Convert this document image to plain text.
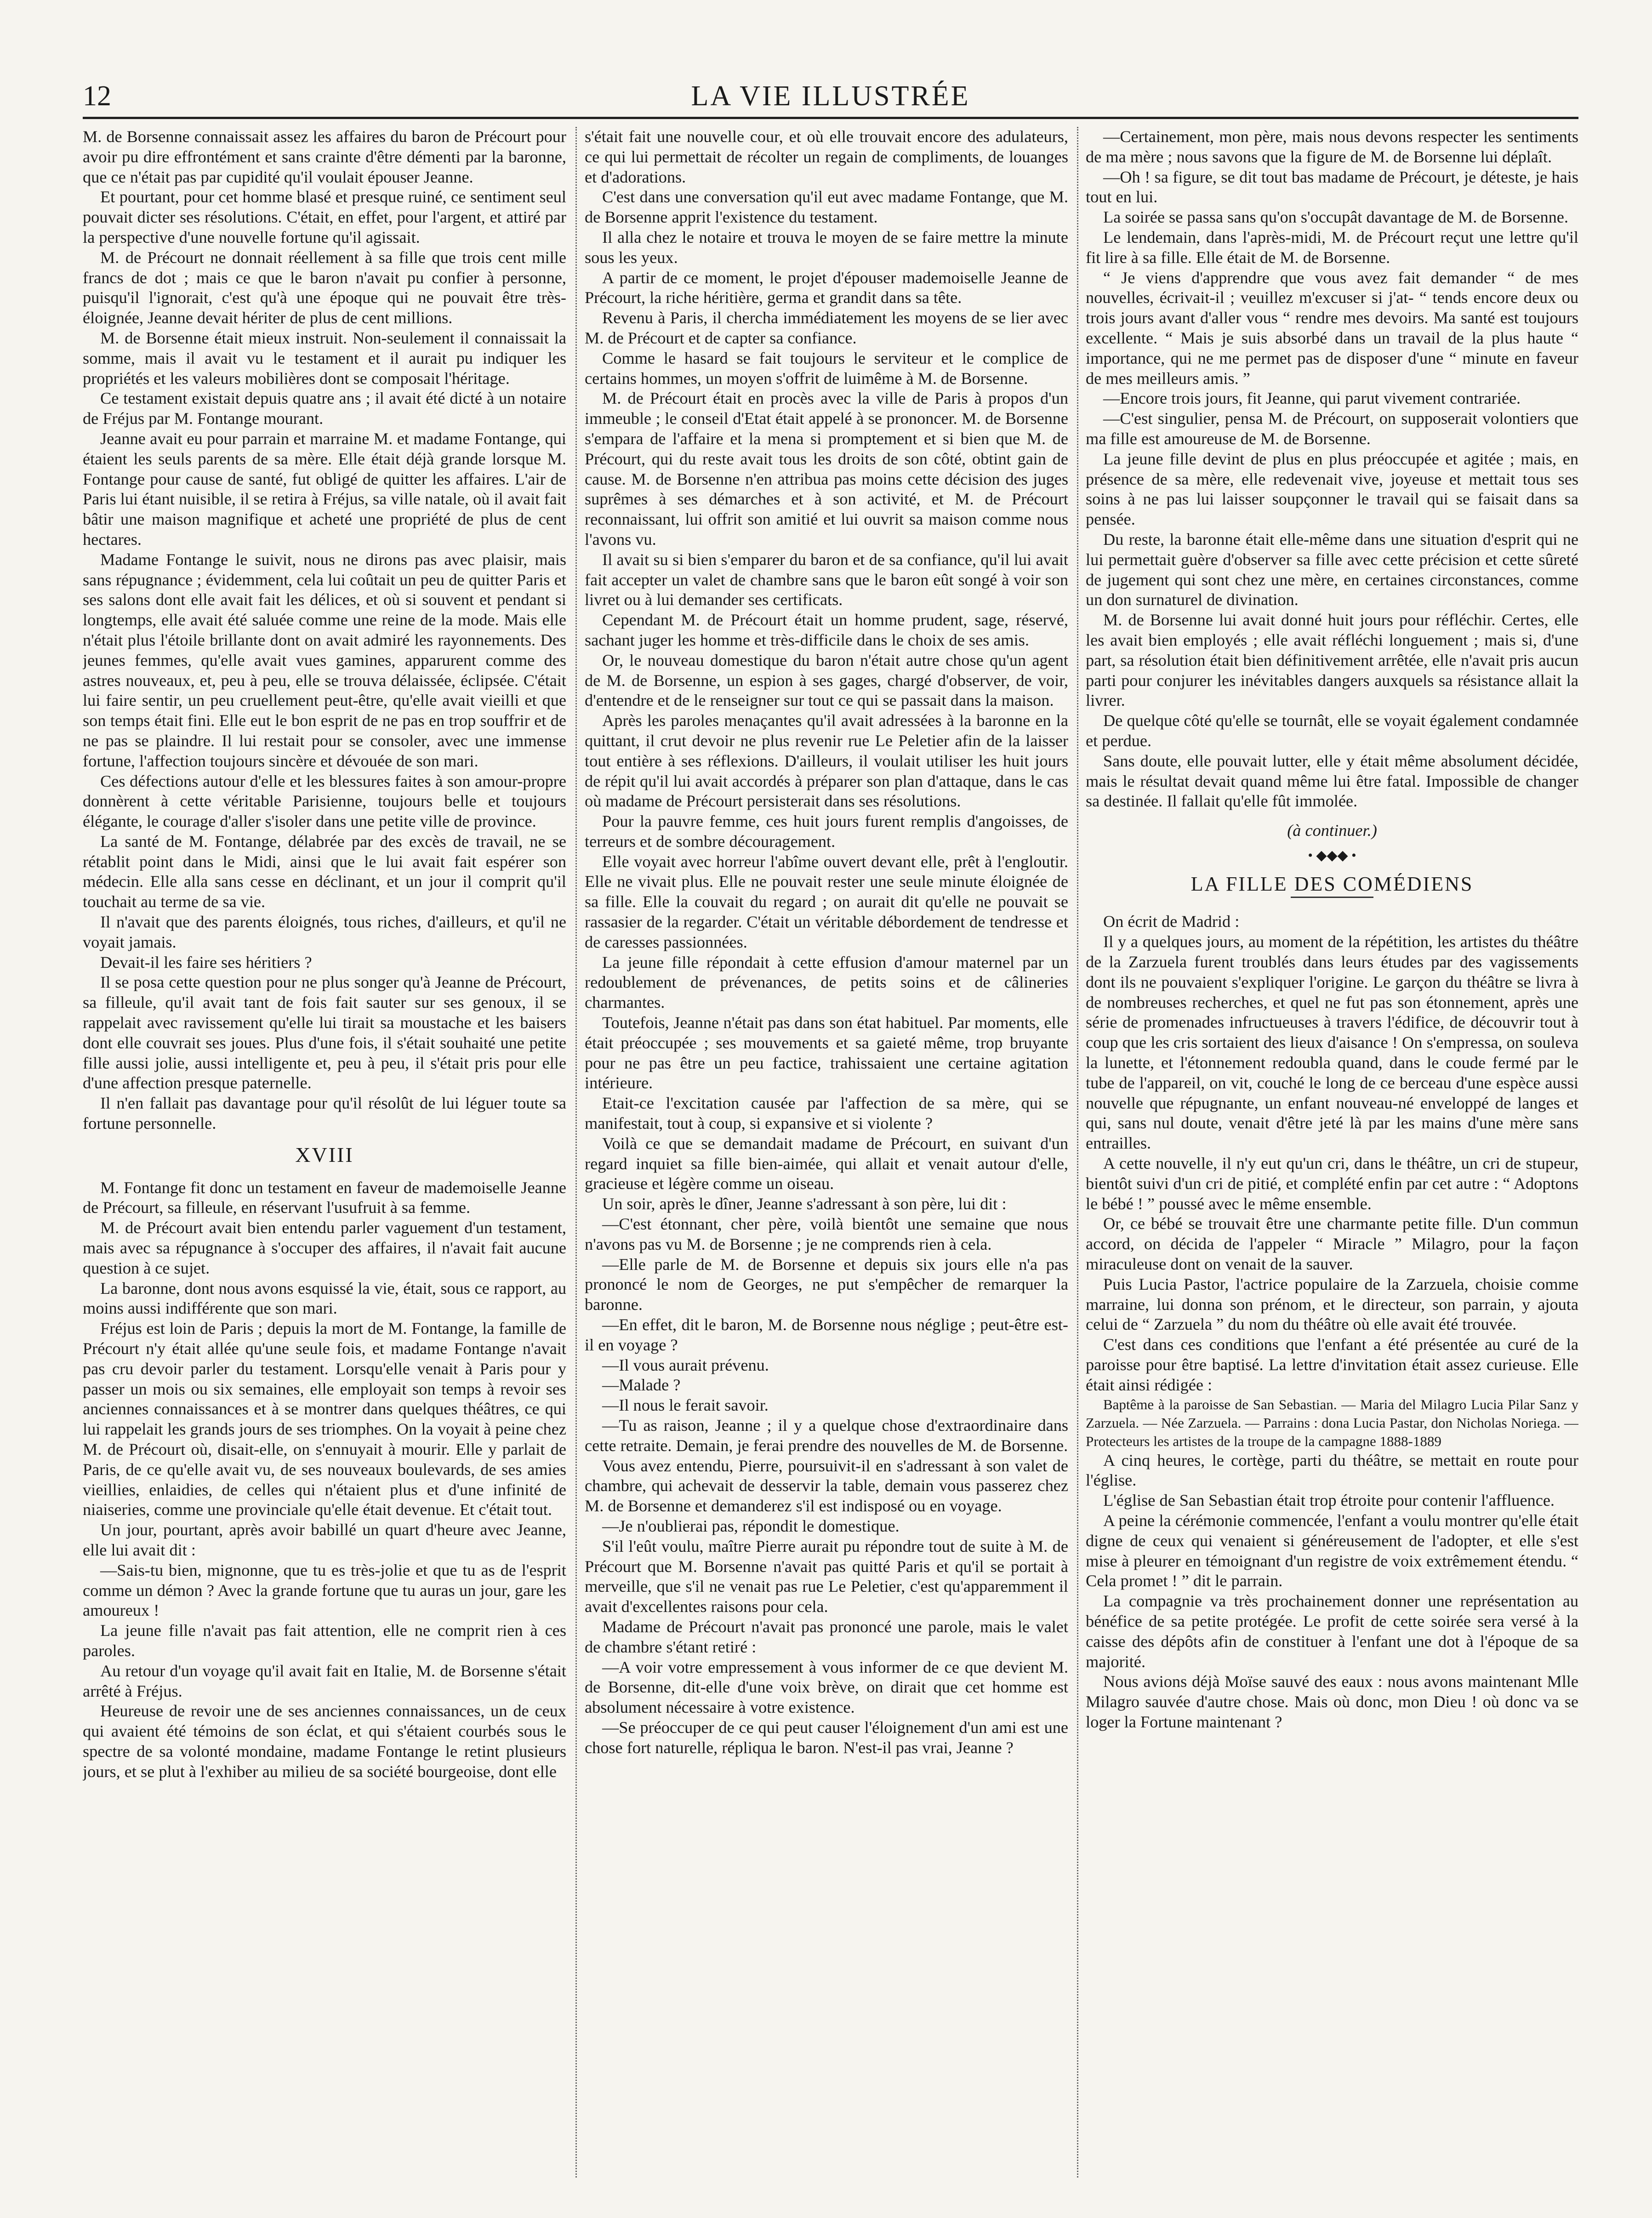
12	LA VIE ILLUSTRÉE

M. de Borsenne connaissait assez les affaires du baron de Précourt pour avoir pu dire effrontément et sans crainte d'être démenti par la baronne, que ce n'était pas par cupidité qu'il voulait épouser Jeanne.

Et pourtant, pour cet homme blasé et presque ruiné, ce sentiment seul pouvait dicter ses résolutions. C'était, en effet, pour l'argent, et attiré par la perspective d'une nouvelle fortune qu'il agissait.

M. de Précourt ne donnait réellement à sa fille que trois cent mille francs de dot ; mais ce que le baron n'avait pu confier à personne, puisqu'il l'ignorait, c'est qu'à une époque qui ne pouvait être très-éloignée, Jeanne devait hériter de plus de cent millions.

M. de Borsenne était mieux instruit. Non-seulement il connaissait la somme, mais il avait vu le testament et il aurait pu indiquer les propriétés et les valeurs mobilières dont se composait l'héritage.

Ce testament existait depuis quatre ans ; il avait été dicté à un notaire de Fréjus par M. Fontange mourant.

Jeanne avait eu pour parrain et marraine M. et madame Fontange, qui étaient les seuls parents de sa mère. Elle était déjà grande lorsque M. Fontange pour cause de santé, fut obligé de quitter les affaires. L'air de Paris lui étant nuisible, il se retira à Fréjus, sa ville natale, où il avait fait bâtir une maison magnifique et acheté une propriété de plus de cent hectares.

Madame Fontange le suivit, nous ne dirons pas avec plaisir, mais sans répugnance ; évidemment, cela lui coûtait un peu de quitter Paris et ses salons dont elle avait fait les délices, et où si souvent et pendant si longtemps, elle avait été saluée comme une reine de la mode. Mais elle n'était plus l'étoile brillante dont on avait admiré les rayonnements. Des jeunes femmes, qu'elle avait vues gamines, apparurent comme des astres nouveaux, et, peu à peu, elle se trouva délaissée, éclipsée. C'était lui faire sentir, un peu cruellement peut-être, qu'elle avait vieilli et que son temps était fini. Elle eut le bon esprit de ne pas en trop souffrir et de ne pas se plaindre. Il lui restait pour se consoler, avec une immense fortune, l'affection toujours sincère et dévouée de son mari.

Ces défections autour d'elle et les blessures faites à son amour-propre donnèrent à cette véritable Parisienne, toujours belle et toujours élégante, le courage d'aller s'isoler dans une petite ville de province.

La santé de M. Fontange, délabrée par des excès de travail, ne se rétablit point dans le Midi, ainsi que le lui avait fait espérer son médecin. Elle alla sans cesse en déclinant, et un jour il comprit qu'il touchait au terme de sa vie.

Il n'avait que des parents éloignés, tous riches, d'ailleurs, et qu'il ne voyait jamais.

Devait-il les faire ses héritiers ?

Il se posa cette question pour ne plus songer qu'à Jeanne de Précourt, sa filleule, qu'il avait tant de fois fait sauter sur ses genoux, il se rappelait avec ravissement qu'elle lui tirait sa moustache et les baisers dont elle couvrait ses joues. Plus d'une fois, il s'était souhaité une petite fille aussi jolie, aussi intelligente et, peu à peu, il s'était pris pour elle d'une affection presque paternelle.

Il n'en fallait pas davantage pour qu'il résolût de lui léguer toute sa fortune personnelle.

XVIII

M. Fontange fit donc un testament en faveur de mademoiselle Jeanne de Précourt, sa filleule, en réservant l'usufruit à sa femme.

M. de Précourt avait bien entendu parler vaguement d'un testament, mais avec sa répugnance à s'occuper des affaires, il n'avait fait aucune question à ce sujet.

La baronne, dont nous avons esquissé la vie, était, sous ce rapport, au moins aussi indifférente que son mari.

Fréjus est loin de Paris ; depuis la mort de M. Fontange, la famille de Précourt n'y était allée qu'une seule fois, et madame Fontange n'avait pas cru devoir parler du testament. Lorsqu'elle venait à Paris pour y passer un mois ou six semaines, elle employait son temps à revoir ses anciennes connaissances et à se montrer dans quelques théâtres, ce qui lui rappelait les grands jours de ses triomphes. On la voyait à peine chez M. de Précourt où, disait-elle, on s'ennuyait à mourir. Elle y parlait de Paris, de ce qu'elle avait vu, de ses nouveaux boulevards, de ses amies vieillies, enlaidies, de celles qui n'étaient plus et d'une infinité de niaiseries, comme une provinciale qu'elle était devenue. Et c'était tout.

Un jour, pourtant, après avoir babillé un quart d'heure avec Jeanne, elle lui avait dit :

—Sais-tu bien, mignonne, que tu es très-jolie et que tu as de l'esprit comme un démon ? Avec la grande fortune que tu auras un jour, gare les amoureux !

La jeune fille n'avait pas fait attention, elle ne comprit rien à ces paroles.

Au retour d'un voyage qu'il avait fait en Italie, M. de Borsenne s'était arrêté à Fréjus.

Heureuse de revoir une de ses anciennes connaissances, un de ceux qui avaient été témoins de son éclat, et qui s'étaient courbés sous le spectre de sa volonté mondaine, madame Fontange le retint plusieurs jours, et se plut à l'exhiber au milieu de sa société bourgeoise, dont elle

s'était fait une nouvelle cour, et où elle trouvait encore des adulateurs, ce qui lui permettait de récolter un regain de compliments, de louanges et d'adorations.

C'est dans une conversation qu'il eut avec madame Fontange, que M. de Borsenne apprit l'existence du testament.

Il alla chez le notaire et trouva le moyen de se faire mettre la minute sous les yeux.

A partir de ce moment, le projet d'épouser mademoiselle Jeanne de Précourt, la riche héritière, germa et grandit dans sa tête.

Revenu à Paris, il chercha immédiatement les moyens de se lier avec M. de Précourt et de capter sa confiance.

Comme le hasard se fait toujours le serviteur et le complice de certains hommes, un moyen s'offrit de luimême à M. de Borsenne.

M. de Précourt était en procès avec la ville de Paris à propos d'un immeuble ; le conseil d'Etat était appelé à se prononcer. M. de Borsenne s'empara de l'affaire et la mena si promptement et si bien que M. de Précourt, qui du reste avait tous les droits de son côté, obtint gain de cause. M. de Borsenne n'en attribua pas moins cette décision des juges suprêmes à ses démarches et à son activité, et M. de Précourt reconnaissant, lui offrit son amitié et lui ouvrit sa maison comme nous l'avons vu.

Il avait su si bien s'emparer du baron et de sa confiance, qu'il lui avait fait accepter un valet de chambre sans que le baron eût songé à voir son livret ou à lui demander ses certificats.

Cependant M. de Précourt était un homme prudent, sage, réservé, sachant juger les homme et très-difficile dans le choix de ses amis.

Or, le nouveau domestique du baron n'était autre chose qu'un agent de M. de Borsenne, un espion à ses gages, chargé d'observer, de voir, d'entendre et de le renseigner sur tout ce qui se passait dans la maison.

Après les paroles menaçantes qu'il avait adressées à la baronne en la quittant, il crut devoir ne plus revenir rue Le Peletier afin de la laisser tout entière à ses réflexions. D'ailleurs, il voulait utiliser les huit jours de répit qu'il lui avait accordés à préparer son plan d'attaque, dans le cas où madame de Précourt persisterait dans ses résolutions.

Pour la pauvre femme, ces huit jours furent remplis d'angoisses, de terreurs et de sombre découragement.

Elle voyait avec horreur l'abîme ouvert devant elle, prêt à l'engloutir. Elle ne vivait plus. Elle ne pouvait rester une seule minute éloignée de sa fille. Elle la couvait du regard ; on aurait dit qu'elle ne pouvait se rassasier de la regarder. C'était un véritable débordement de tendresse et de caresses passionnées.

La jeune fille répondait à cette effusion d'amour maternel par un redoublement de prévenances, de petits soins et de câlineries charmantes.

Toutefois, Jeanne n'était pas dans son état habituel. Par moments, elle était préoccupée ; ses mouvements et sa gaieté même, trop bruyante pour ne pas être un peu factice, trahissaient une certaine agitation intérieure.

Etait-ce l'excitation causée par l'affection de sa mère, qui se manifestait, tout à coup, si expansive et si violente ?

Voilà ce que se demandait madame de Précourt, en suivant d'un regard inquiet sa fille bien-aimée, qui allait et venait autour d'elle, gracieuse et légère comme un oiseau.

Un soir, après le dîner, Jeanne s'adressant à son père, lui dit :

—C'est étonnant, cher père, voilà bientôt une semaine que nous n'avons pas vu M. de Borsenne ; je ne comprends rien à cela.

—Elle parle de M. de Borsenne et depuis six jours elle n'a pas prononcé le nom de Georges, ne put s'empêcher de remarquer la baronne.

—En effet, dit le baron, M. de Borsenne nous néglige ; peut-être est-il en voyage ?

—Il vous aurait prévenu.

—Malade ?

—Il nous le ferait savoir.

—Tu as raison, Jeanne ; il y a quelque chose d'extraordinaire dans cette retraite. Demain, je ferai prendre des nouvelles de M. de Borsenne.

Vous avez entendu, Pierre, poursuivit-il en s'adressant à son valet de chambre, qui achevait de desservir la table, demain vous passerez chez M. de Borsenne et demanderez s'il est indisposé ou en voyage.

—Je n'oublierai pas, répondit le domestique.

S'il l'eût voulu, maître Pierre aurait pu répondre tout de suite à M. de Précourt que M. Borsenne n'avait pas quitté Paris et qu'il se portait à merveille, que s'il ne venait pas rue Le Peletier, c'est qu'apparemment il avait d'excellentes raisons pour cela.

Madame de Précourt n'avait pas prononcé une parole, mais le valet de chambre s'étant retiré :

—A voir votre empressement à vous informer de ce que devient M. de Borsenne, dit-elle d'une voix brève, on dirait que cet homme est absolument nécessaire à votre existence.

—Se préoccuper de ce qui peut causer l'éloignement d'un ami est une chose fort naturelle, répliqua le baron. N'est-il pas vrai, Jeanne ?

—Certainement, mon père, mais nous devons respecter les sentiments de ma mère ; nous savons que la figure de M. de Borsenne lui déplaît.

—Oh ! sa figure, se dit tout bas madame de Précourt, je déteste, je hais tout en lui.

La soirée se passa sans qu'on s'occupât davantage de M. de Borsenne.

Le lendemain, dans l'après-midi, M. de Précourt reçut une lettre qu'il fit lire à sa fille. Elle était de M. de Borsenne.

“ Je viens d'apprendre que vous avez fait demander “ de mes nouvelles, écrivait-il ; veuillez m'excuser si j'at- “ tends encore deux ou trois jours avant d'aller vous “ rendre mes devoirs. Ma santé est toujours excellente. “ Mais je suis absorbé dans un travail de la plus haute “ importance, qui ne me permet pas de disposer d'une “ minute en faveur de mes meilleurs amis. ”

—Encore trois jours, fit Jeanne, qui parut vivement contrariée.

—C'est singulier, pensa M. de Précourt, on supposerait volontiers que ma fille est amoureuse de M. de Borsenne.

La jeune fille devint de plus en plus préoccupée et agitée ; mais, en présence de sa mère, elle redevenait vive, joyeuse et mettait tous ses soins à ne pas lui laisser soupçonner le travail qui se faisait dans sa pensée.

Du reste, la baronne était elle-même dans une situation d'esprit qui ne lui permettait guère d'observer sa fille avec cette précision et cette sûreté de jugement qui sont chez une mère, en certaines circonstances, comme un don surnaturel de divination.

M. de Borsenne lui avait donné huit jours pour réfléchir. Certes, elle les avait bien employés ; elle avait réfléchi longuement ; mais si, d'une part, sa résolution était bien définitivement arrêtée, elle n'avait pris aucun parti pour conjurer les inévitables dangers auxquels sa résistance allait la livrer.

De quelque côté qu'elle se tournât, elle se voyait également condamnée et perdue.

Sans doute, elle pouvait lutter, elle y était même absolument décidée, mais le résultat devait quand même lui être fatal. Impossible de changer sa destinée. Il fallait qu'elle fût immolée.

(à continuer.)
• ◆◆◆ •
LA FILLE DES COMÉDIENS

On écrit de Madrid :

Il y a quelques jours, au moment de la répétition, les artistes du théâtre de la Zarzuela furent troublés dans leurs études par des vagissements dont ils ne pouvaient s'expliquer l'origine. Le garçon du théâtre se livra à de nombreuses recherches, et quel ne fut pas son étonnement, après une série de promenades infructueuses à travers l'édifice, de découvrir tout à coup que les cris sortaient des lieux d'aisance ! On s'empressa, on souleva la lunette, et l'étonnement redoubla quand, dans le coude fermé par le tube de l'appareil, on vit, couché le long de ce berceau d'une espèce aussi nouvelle que répugnante, un enfant nouveau-né enveloppé de langes et qui, sans nul doute, venait d'être jeté là par les mains d'une mère sans entrailles.

A cette nouvelle, il n'y eut qu'un cri, dans le théâtre, un cri de stupeur, bientôt suivi d'un cri de pitié, et complété enfin par cet autre : “ Adoptons le bébé ! ” poussé avec le même ensemble.

Or, ce bébé se trouvait être une charmante petite fille. D'un commun accord, on décida de l'appeler “ Miracle ” Milagro, pour la façon miraculeuse dont on venait de la sauver.

Puis Lucia Pastor, l'actrice populaire de la Zarzuela, choisie comme marraine, lui donna son prénom, et le directeur, son parrain, y ajouta celui de “ Zarzuela ” du nom du théâtre où elle avait été trouvée.

C'est dans ces conditions que l'enfant a été présentée au curé de la paroisse pour être baptisé. La lettre d'invitation était assez curieuse. Elle était ainsi rédigée :

Baptême à la paroisse de San Sebastian. — Maria del Milagro Lucia Pilar Sanz y Zarzuela. — Née Zarzuela. — Parrains : dona Lucia Pastar, don Nicholas Noriega. — Protecteurs les artistes de la troupe de la campagne 1888-1889

A cinq heures, le cortège, parti du théâtre, se mettait en route pour l'église.

L'église de San Sebastian était trop étroite pour contenir l'affluence.

A peine la cérémonie commencée, l'enfant a voulu montrer qu'elle était digne de ceux qui venaient si généreusement de l'adopter, et elle s'est mise à pleurer en témoignant d'un registre de voix extrêmement étendu. “ Cela promet ! ” dit le parrain.

La compagnie va très prochainement donner une représentation au bénéfice de sa petite protégée. Le profit de cette soirée sera versé à la caisse des dépôts afin de constituer à l'enfant une dot à l'époque de sa majorité.

Nous avions déjà Moïse sauvé des eaux : nous avons maintenant Mlle Milagro sauvée d'autre chose. Mais où donc, mon Dieu ! où donc va se loger la Fortune maintenant ?
